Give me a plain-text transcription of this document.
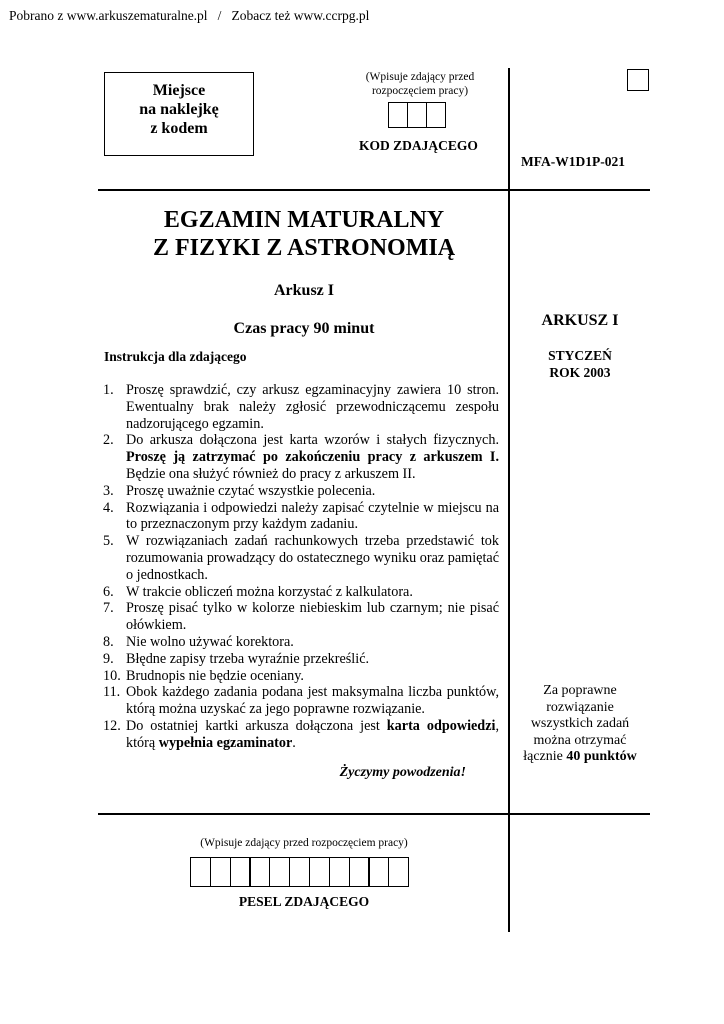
Pobrano z www.arkuszematuralne.pl   /   Zobacz też www.ccrpg.pl
Miejsce
na naklejkę
z kodem
(Wpisuje zdający przed
rozpoczęciem pracy)
KOD ZDAJĄCEGO
MFA-W1D1P-021
EGZAMIN MATURALNY
Z FIZYKI Z ASTRONOMIĄ
Arkusz I
Czas pracy 90 minut
Instrukcja dla zdającego
1. Proszę sprawdzić, czy arkusz egzaminacyjny zawiera 10 stron. Ewentualny brak należy zgłosić przewodniczącemu zespołu nadzorującego egzamin.
2. Do arkusza dołączona jest karta wzorów i stałych fizycznych. Proszę ją zatrzymać po zakończeniu pracy z arkuszem I. Będzie ona służyć również do pracy z arkuszem II.
3. Proszę uważnie czytać wszystkie polecenia.
4. Rozwiązania i odpowiedzi należy zapisać czytelnie w miejscu na to przeznaczonym przy każdym zadaniu.
5. W rozwiązaniach zadań rachunkowych trzeba przedstawić tok rozumowania prowadzący do ostatecznego wyniku oraz pamiętać o jednostkach.
6. W trakcie obliczeń można korzystać z kalkulatora.
7. Proszę pisać tylko w kolorze niebieskim lub czarnym; nie pisać ołówkiem.
8. Nie wolno używać korektora.
9. Błędne zapisy trzeba wyraźnie przekreślić.
10. Brudnopis nie będzie oceniany.
11. Obok każdego zadania podana jest maksymalna liczba punktów, którą można uzyskać za jego poprawne rozwiązanie.
12. Do ostatniej kartki arkusza dołączona jest karta odpowiedzi, którą wypełnia egzaminator.
Życzymy powodzenia!
ARKUSZ I
STYCZEŃ
ROK 2003
Za poprawne
rozwiązanie
wszystkich zadań
można otrzymać
łącznie 40 punktów
(Wpisuje zdający przed rozpoczęciem pracy)
PESEL ZDAJĄCEGO
